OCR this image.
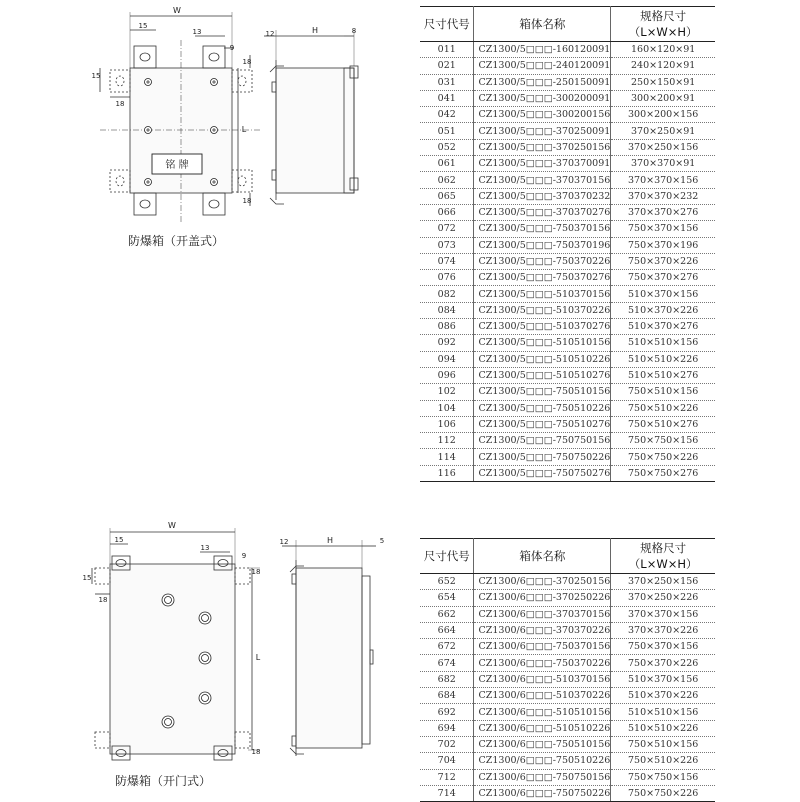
铭 牌
W
15
13
9
18
15
18
L
18
12	H	8
防爆箱（开盖式）
尺寸代号	箱体名称	规格尺寸（L×W×H）
011	CZ1300/5□□□-160120091	160×120×91
021	CZ1300/5□□□-240120091	240×120×91
031	CZ1300/5□□□-250150091	250×150×91
041	CZ1300/5□□□-300200091	300×200×91
042	CZ1300/5□□□-300200156	300×200×156
051	CZ1300/5□□□-370250091	370×250×91
052	CZ1300/5□□□-370250156	370×250×156
061	CZ1300/5□□□-370370091	370×370×91
062	CZ1300/5□□□-370370156	370×370×156
065	CZ1300/5□□□-370370232	370×370×232
066	CZ1300/5□□□-370370276	370×370×276
072	CZ1300/5□□□-750370156	750×370×156
073	CZ1300/5□□□-750370196	750×370×196
074	CZ1300/5□□□-750370226	750×370×226
076	CZ1300/5□□□-750370276	750×370×276
082	CZ1300/5□□□-510370156	510×370×156
084	CZ1300/5□□□-510370226	510×370×226
086	CZ1300/5□□□-510370276	510×370×276
092	CZ1300/5□□□-510510156	510×510×156
094	CZ1300/5□□□-510510226	510×510×226
096	CZ1300/5□□□-510510276	510×510×276
102	CZ1300/5□□□-750510156	750×510×156
104	CZ1300/5□□□-750510226	750×510×226
106	CZ1300/5□□□-750510276	750×510×276
112	CZ1300/5□□□-750750156	750×750×156
114	CZ1300/5□□□-750750226	750×750×226
116	CZ1300/5□□□-750750276	750×750×276
W
15
13
9
18
15
18
L
18
12	H	5
防爆箱（开门式）
尺寸代号	箱体名称	规格尺寸（L×W×H）
652	CZ1300/6□□□-370250156	370×250×156
654	CZ1300/6□□□-370250226	370×250×226
662	CZ1300/6□□□-370370156	370×370×156
664	CZ1300/6□□□-370370226	370×370×226
672	CZ1300/6□□□-750370156	750×370×156
674	CZ1300/6□□□-750370226	750×370×226
682	CZ1300/6□□□-510370156	510×370×156
684	CZ1300/6□□□-510370226	510×370×226
692	CZ1300/6□□□-510510156	510×510×156
694	CZ1300/6□□□-510510226	510×510×226
702	CZ1300/6□□□-750510156	750×510×156
704	CZ1300/6□□□-750510226	750×510×226
712	CZ1300/6□□□-750750156	750×750×156
714	CZ1300/6□□□-750750226	750×750×226
